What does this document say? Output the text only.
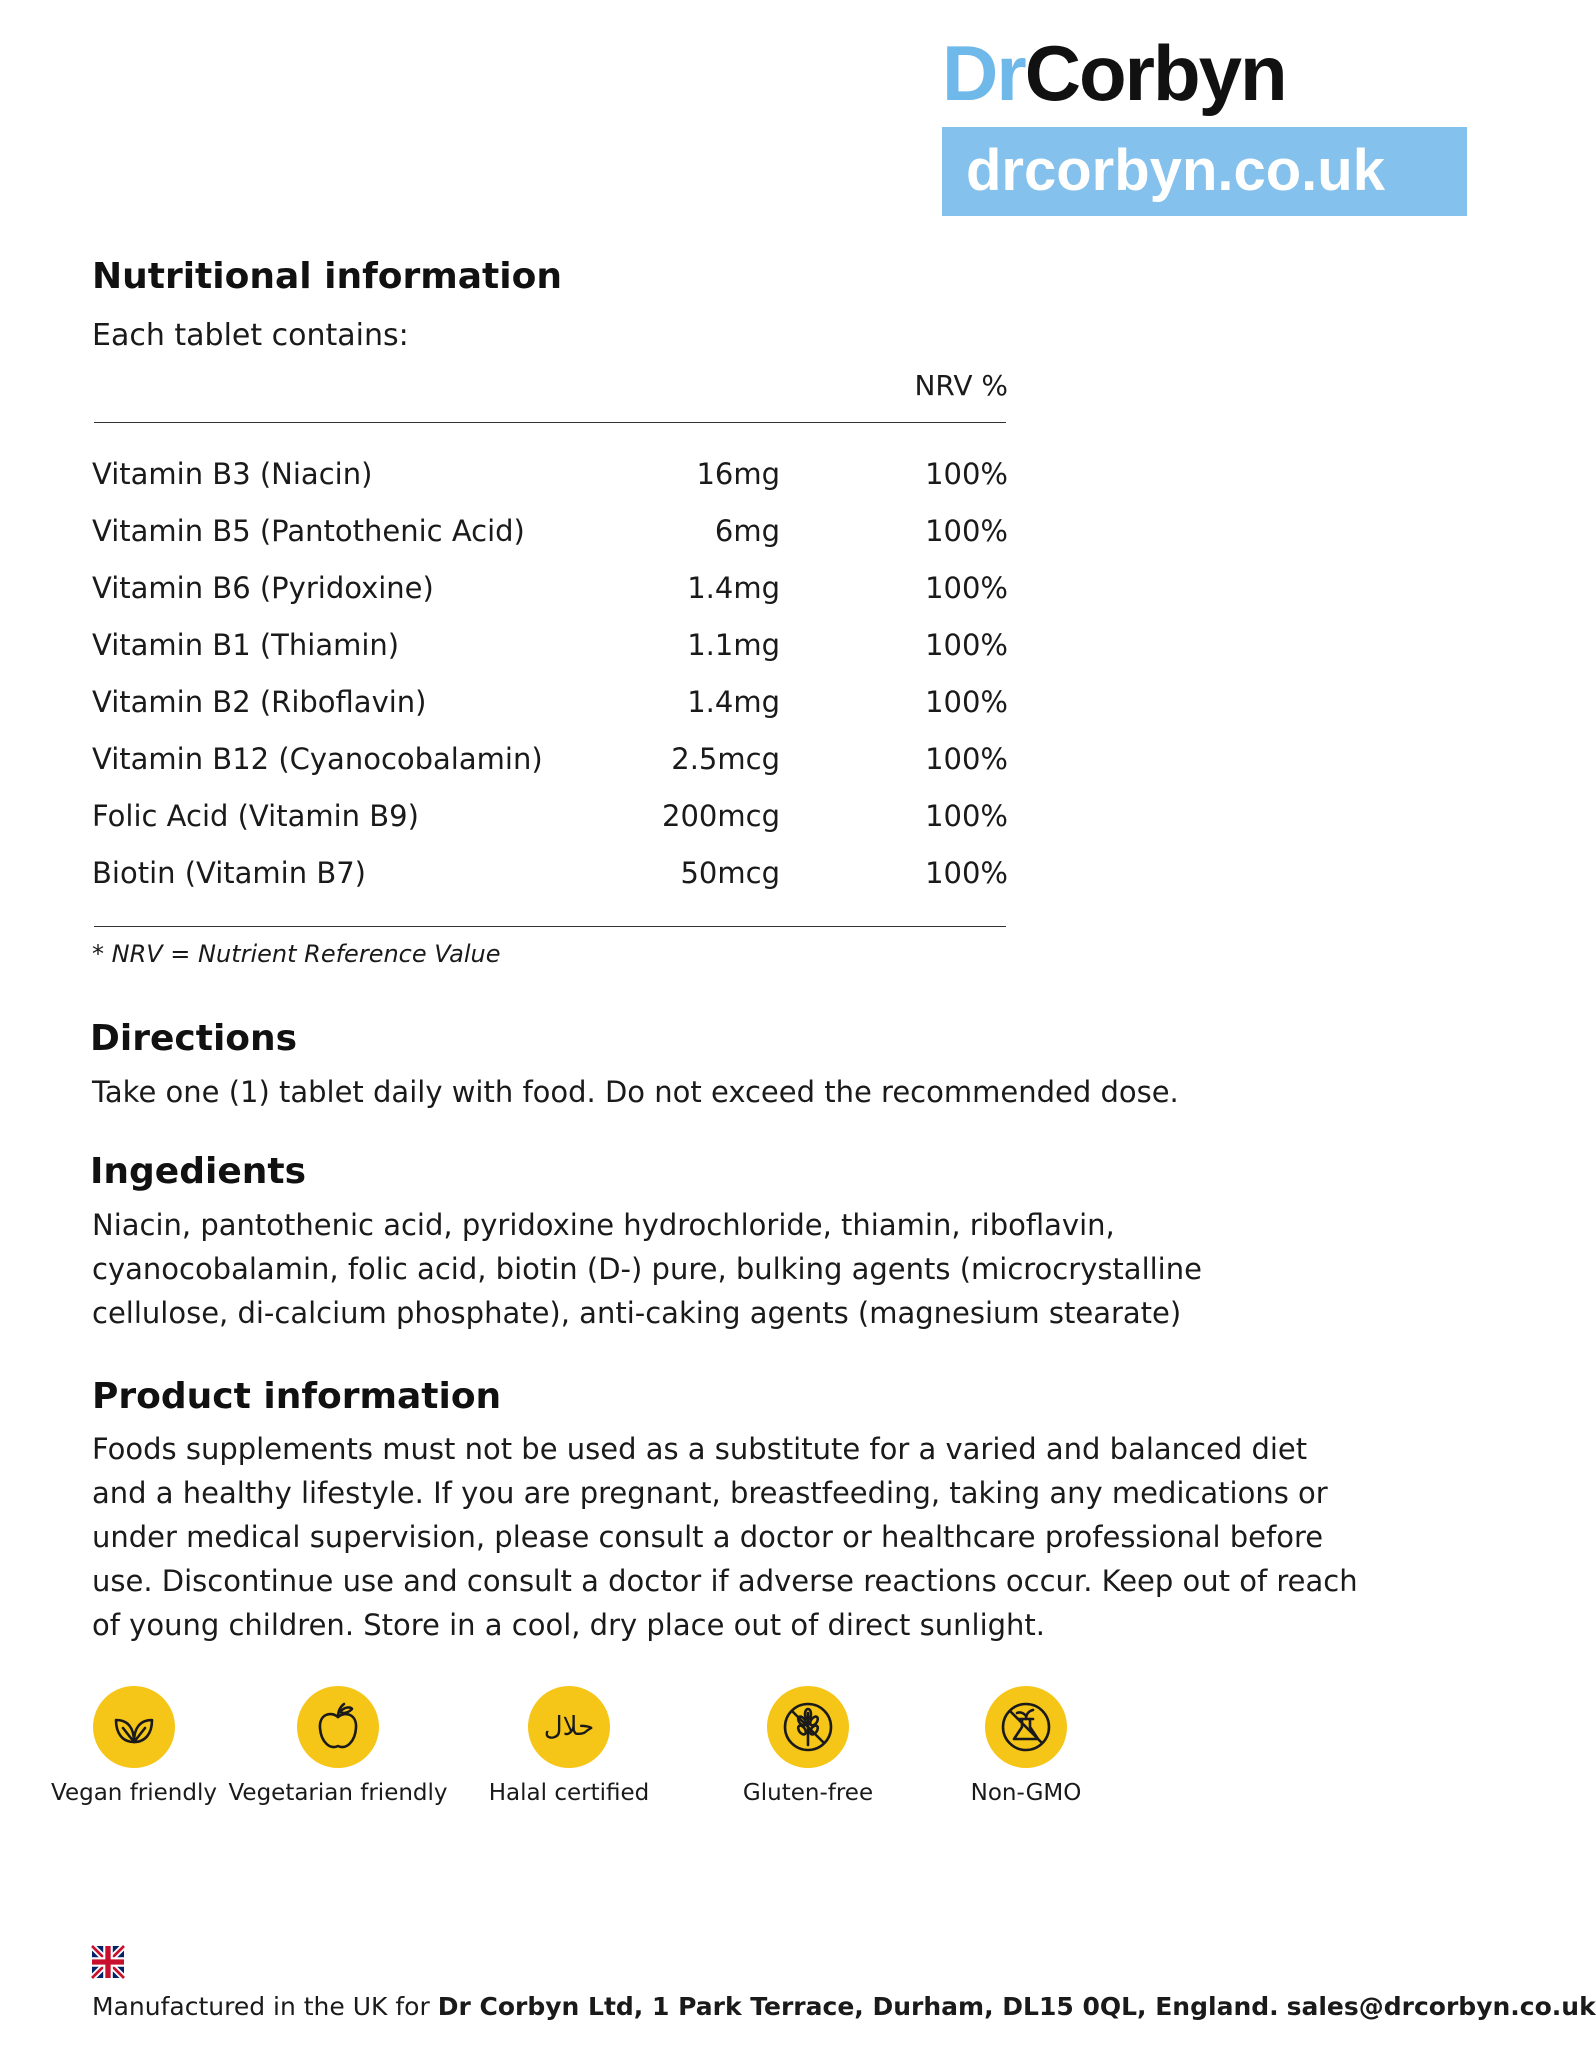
DrCorbyn
drcorbyn.co.uk
Nutritional information
Each tablet contains:
NRV %
Vitamin B3 (Niacin)	16mg	100%
Vitamin B5 (Pantothenic Acid)	6mg	100%
Vitamin B6 (Pyridoxine)	1.4mg	100%
Vitamin B1 (Thiamin)	1.1mg	100%
Vitamin B2 (Riboflavin)	1.4mg	100%
Vitamin B12 (Cyanocobalamin)	2.5mcg	100%
Folic Acid (Vitamin B9)	200mcg	100%
Biotin (Vitamin B7)	50mcg	100%
* NRV = Nutrient Reference Value
Directions
Take one (1) tablet daily with food. Do not exceed the recommended dose.
Ingedients
Niacin, pantothenic acid, pyridoxine hydrochloride, thiamin, riboflavin, cyanocobalamin, folic acid, biotin (D-) pure, bulking agents (microcrystalline cellulose, di-calcium phosphate), anti-caking agents (magnesium stearate)
Product information
Foods supplements must not be used as a substitute for a varied and balanced diet and a healthy lifestyle. If you are pregnant, breastfeeding, taking any medications or under medical supervision, please consult a doctor or healthcare professional before use. Discontinue use and consult a doctor if adverse reactions occur. Keep out of reach of young children. Store in a cool, dry place out of direct sunlight.
Vegan friendly Vegetarian friendly
حلال
Halal certified	Gluten-free	Non-GMO
Manufactured in the UK for Dr Corbyn Ltd, 1 Park Terrace, Durham, DL15 0QL, England. sales@drcorbyn.co.uk
